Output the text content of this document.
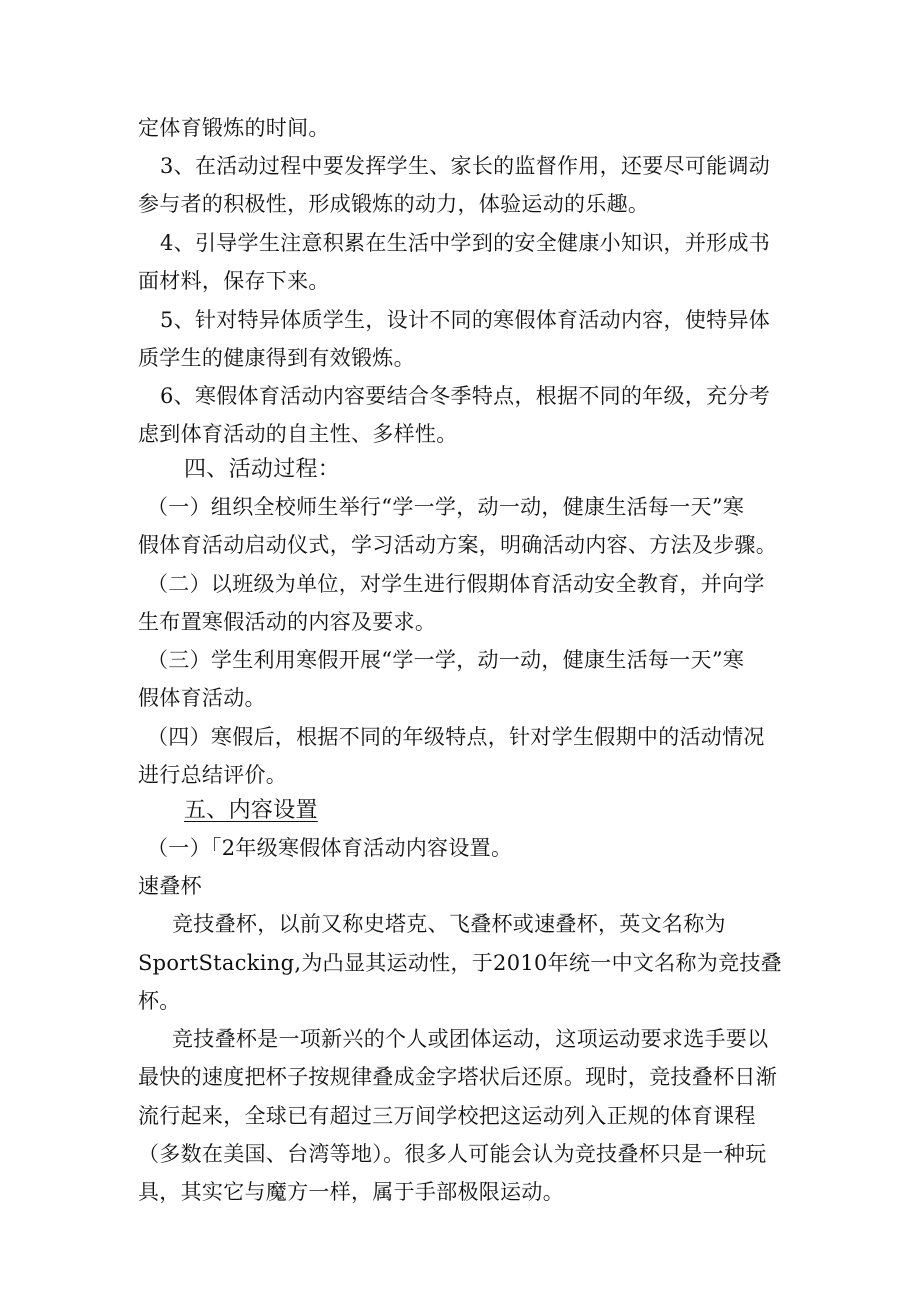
定体育锻炼的时间。
3、在活动过程中要发挥学生、家长的监督作用，还要尽可能调动
参与者的积极性，形成锻炼的动力，体验运动的乐趣。
4、引导学生注意积累在生活中学到的安全健康小知识，并形成书
面材料，保存下来。
5、针对特异体质学生，设计不同的寒假体育活动内容，使特异体
质学生的健康得到有效锻炼。
6、寒假体育活动内容要结合冬季特点，根据不同的年级，充分考
虑到体育活动的自主性、多样性。
四、活动过程：
（一）组织全校师生举行“学一学，动一动，健康生活每一天”寒
假体育活动启动仪式，学习活动方案，明确活动内容、方法及步骤。
（二）以班级为单位，对学生进行假期体育活动安全教育，并向学
生布置寒假活动的内容及要求。
（三）学生利用寒假开展“学一学，动一动，健康生活每一天”寒
假体育活动。
（四）寒假后，根据不同的年级特点，针对学生假期中的活动情况
进行总结评价。
五、内容设置
（一）「2年级寒假体育活动内容设置。
速叠杯
竞技叠杯，以前又称史塔克、飞叠杯或速叠杯，英文名称为
SportStacking,为凸显其运动性，于2010年统一中文名称为竞技叠
杯。
竞技叠杯是一项新兴的个人或团体运动，这项运动要求选手要以
最快的速度把杯子按规律叠成金字塔状后还原。现时，竞技叠杯日渐
流行起来，全球已有超过三万间学校把这运动列入正规的体育课程
（多数在美国、台湾等地）。很多人可能会认为竞技叠杯只是一种玩
具，其实它与魔方一样，属于手部极限运动。
